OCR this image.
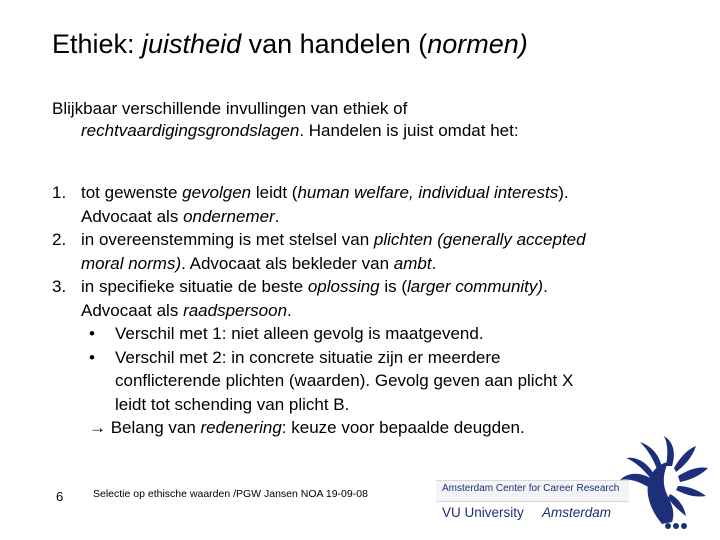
Ethiek: juistheid van handelen (normen)
Blijkbaar verschillende invullingen van ethiek of
rechtvaardigingsgrondslagen. Handelen is juist omdat het:
1. tot gewenste gevolgen leidt (human welfare, individual interests).
Advocaat als ondernemer.
2. in overeenstemming is met stelsel van plichten (generally accepted
moral norms). Advocaat als bekleder van ambt.
3. in specifieke situatie de beste oplossing is (larger community).
Advocaat als raadspersoon.
• Verschil met 1: niet alleen gevolg is maatgevend.
• Verschil met 2: in concrete situatie zijn er meerdere
conflicterende plichten (waarden). Gevolg geven aan plicht X
leidt tot schending van plicht B.
→ Belang van redenering: keuze voor bepaalde deugden.
6	Selectie op ethische waarden /PGW Jansen NOA 19-09-08	Amsterdam Center for Career Research
VU University Amsterdam
